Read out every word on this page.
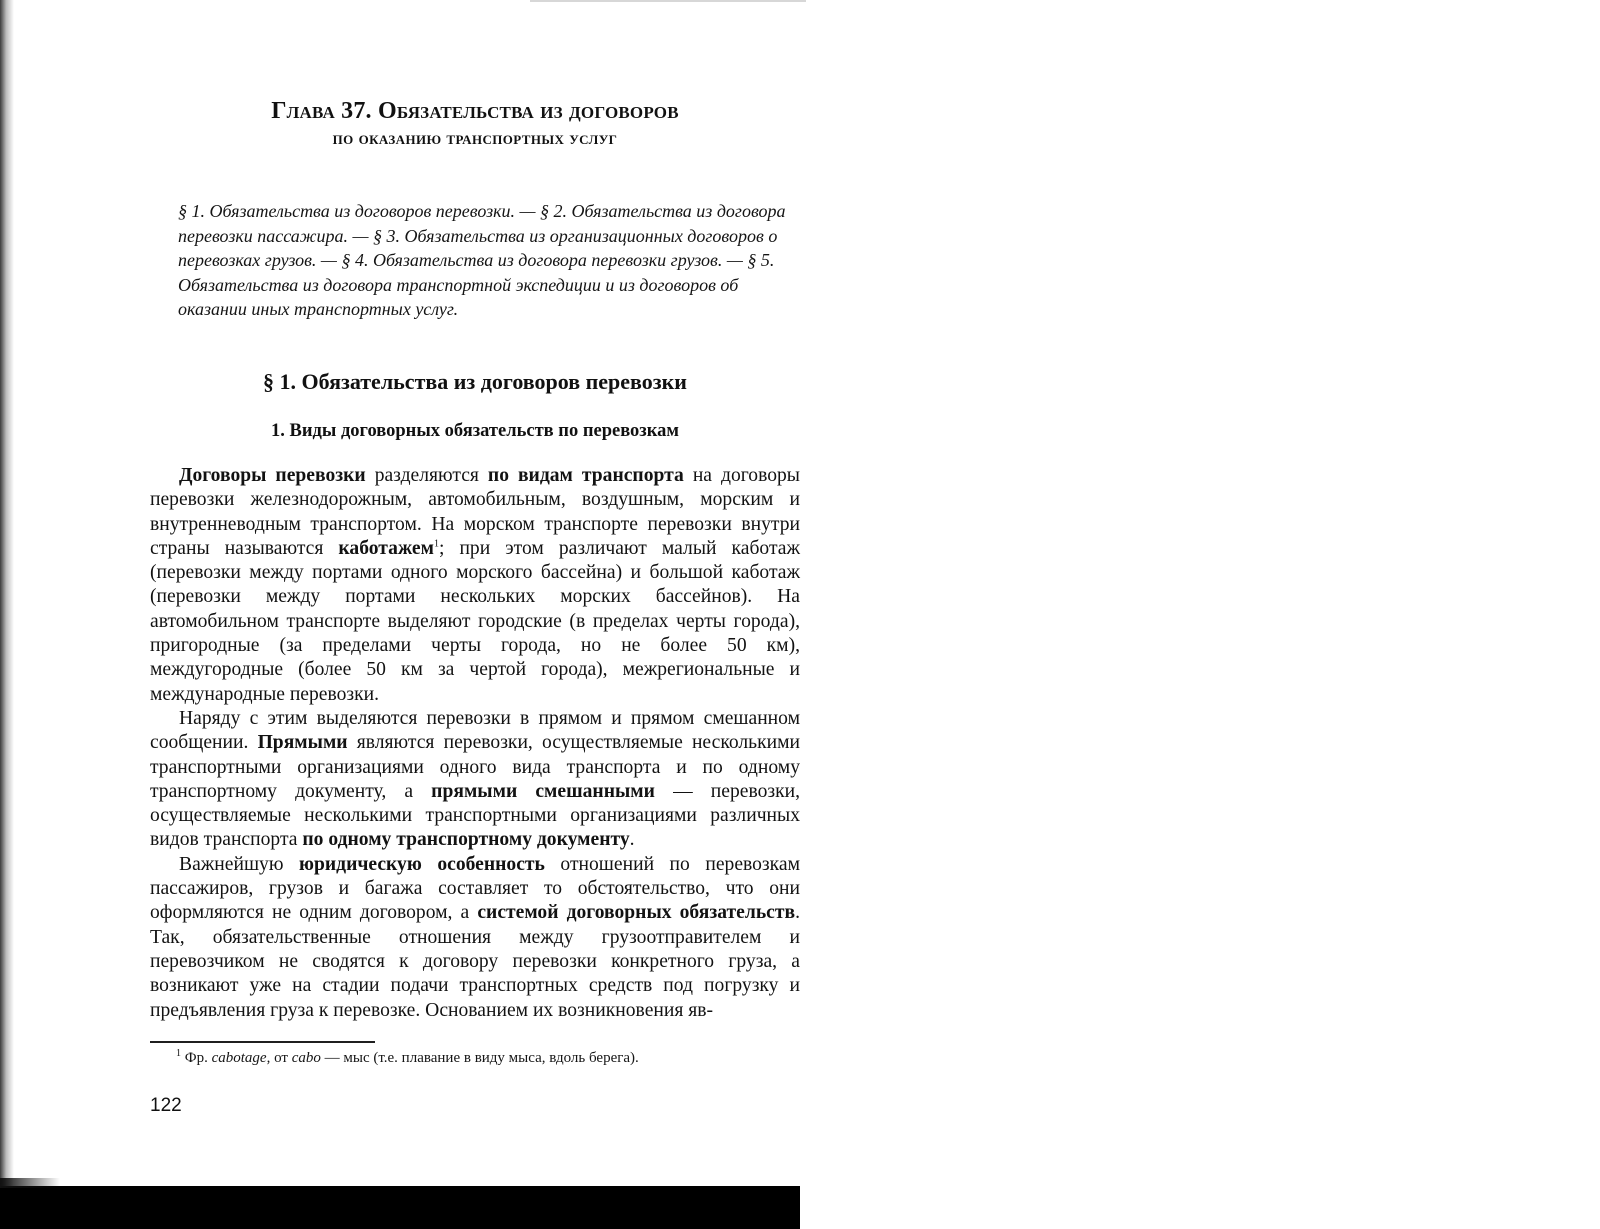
Глава 37. Обязательства из договоров
по оказанию транспортных услуг

§ 1. Обязательства из договоров перевозки. — § 2. Обязательства из договора перевозки пассажира. — § 3. Обязательства из организационных договоров о перевозках грузов. — § 4. Обязательства из договора перевозки грузов. — § 5. Обязательства из договора транспортной экспедиции и из договоров об оказании иных транспортных услуг.

§ 1. Обязательства из договоров перевозки
1. Виды договорных обязательств по перевозкам

Договоры перевозки разделяются по видам транспорта на договоры перевозки железнодорожным, автомобильным, воздушным, морским и внутренневодным транспортом. На морском транспорте перевозки внутри страны называются каботажем$^1$; при этом различают малый каботаж (перевозки между портами одного морского бассейна) и большой каботаж (перевозки между портами нескольких морских бассейнов). На автомобильном транспорте выделяют городские (в пределах черты города), пригородные (за пределами черты города, но не более 50 км), междугородные (более 50 км за чертой города), межрегиональные и международные перевозки.

Наряду с этим выделяются перевозки в прямом и прямом смешанном сообщении. Прямыми являются перевозки, осуществляемые несколькими транспортными организациями одного вида транспорта и по одному транспортному документу, а прямыми смешанными — перевозки, осуществляемые несколькими транспортными организациями различных видов транспорта по одному транспортному документу.

Важнейшую юридическую особенность отношений по перевозкам пассажиров, грузов и багажа составляет то обстоятельство, что они оформляются не одним договором, а системой договорных обязательств. Так, обязательственные отношения между грузоотправителем и перевозчиком не сводятся к договору перевозки конкретного груза, а возникают уже на стадии подачи транспортных средств под погрузку и предъявления груза к перевозке. Основанием их возникновения яв-

$^1$ Фр. cabotage, от cabo — мыс (т.е. плавание в виду мыса, вдоль берега).
122
